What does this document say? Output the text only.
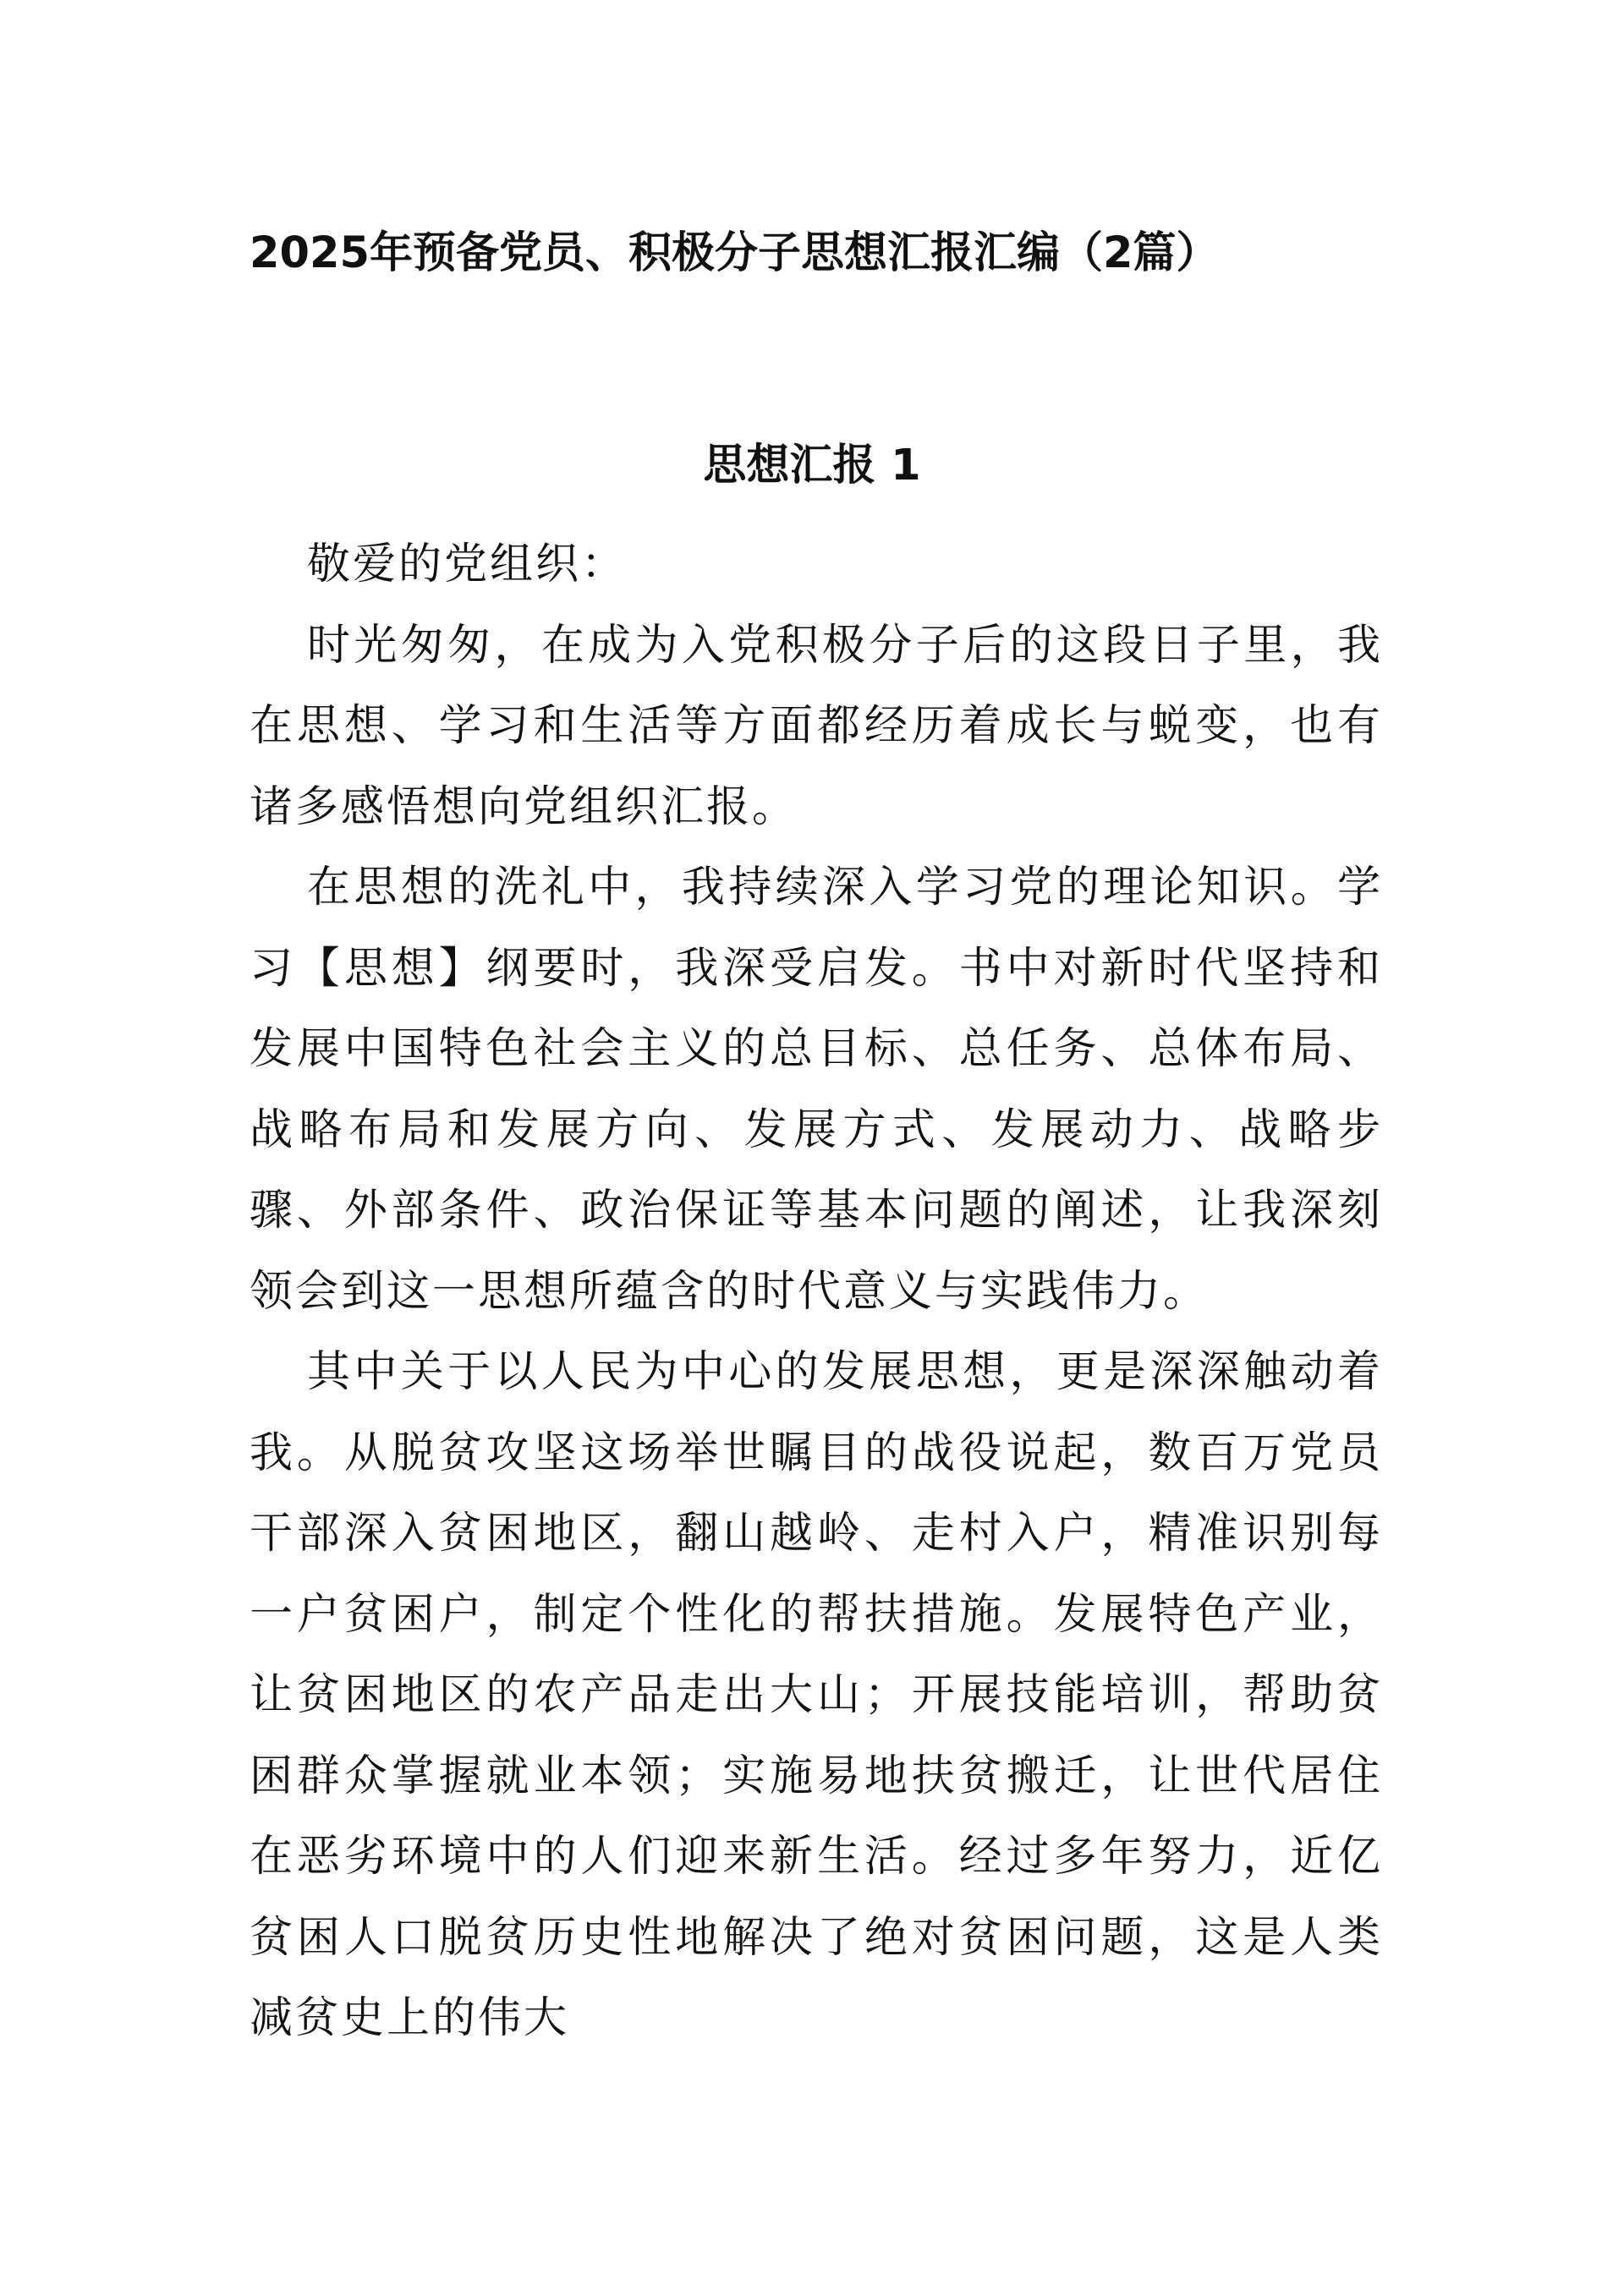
2025年预备党员、积极分子思想汇报汇编（2篇）
思想汇报 1

敬爱的党组织：

时光匆匆，在成为入党积极分子后的这段日子里，我在思想、学习和生活等方面都经历着成长与蜕变，也有诸多感悟想向党组织汇报。

在思想的洗礼中，我持续深入学习党的理论知识。学习【思想】纲要时，我深受启发。书中对新时代坚持和发展中国特色社会主义的总目标、总任务、总体布局、战略布局和发展方向、发展方式、发展动力、战略步骤、外部条件、政治保证等基本问题的阐述，让我深刻领会到这一思想所蕴含的时代意义与实践伟力。

其中关于以人民为中心的发展思想，更是深深触动着我。从脱贫攻坚这场举世瞩目的战役说起，数百万党员干部深入贫困地区，翻山越岭、走村入户，精准识别每一户贫困户，制定个性化的帮扶措施。发展特色产业，让贫困地区的农产品走出大山；开展技能培训，帮助贫困群众掌握就业本领；实施易地扶贫搬迁，让世代居住在恶劣环境中的人们迎来新生活。经过多年努力，近亿贫困人口脱贫历史性地解决了绝对贫困问题，这是人类减贫史上的伟大
